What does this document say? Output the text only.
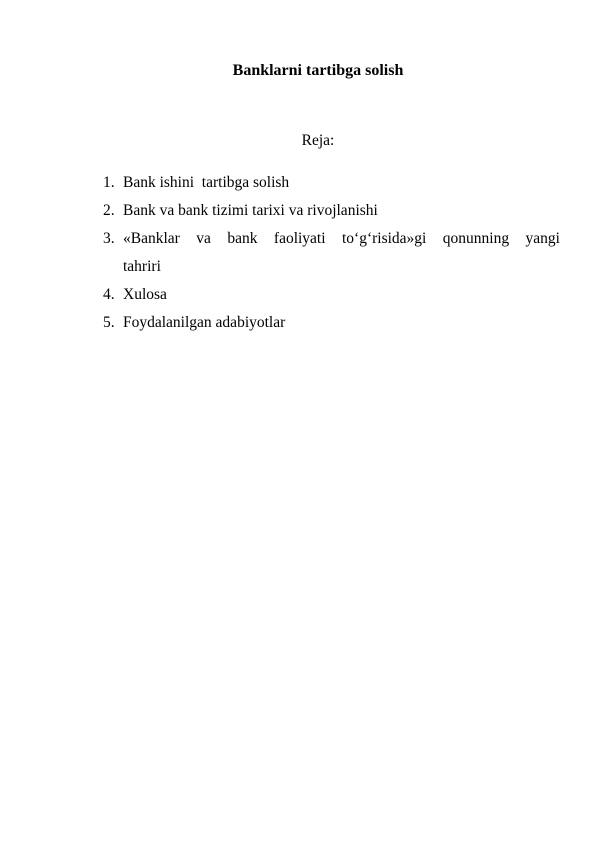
Banklarni tartibga solish

Reja:

1. Bank ishini  tartibga solish
2. Bank va bank tizimi tarixi va rivojlanishi
3. «Banklar va bank faoliyati to‘g‘risida»gi qonunning yangi
tahriri
4. Xulosa
5. Foydalanilgan adabiyotlar
